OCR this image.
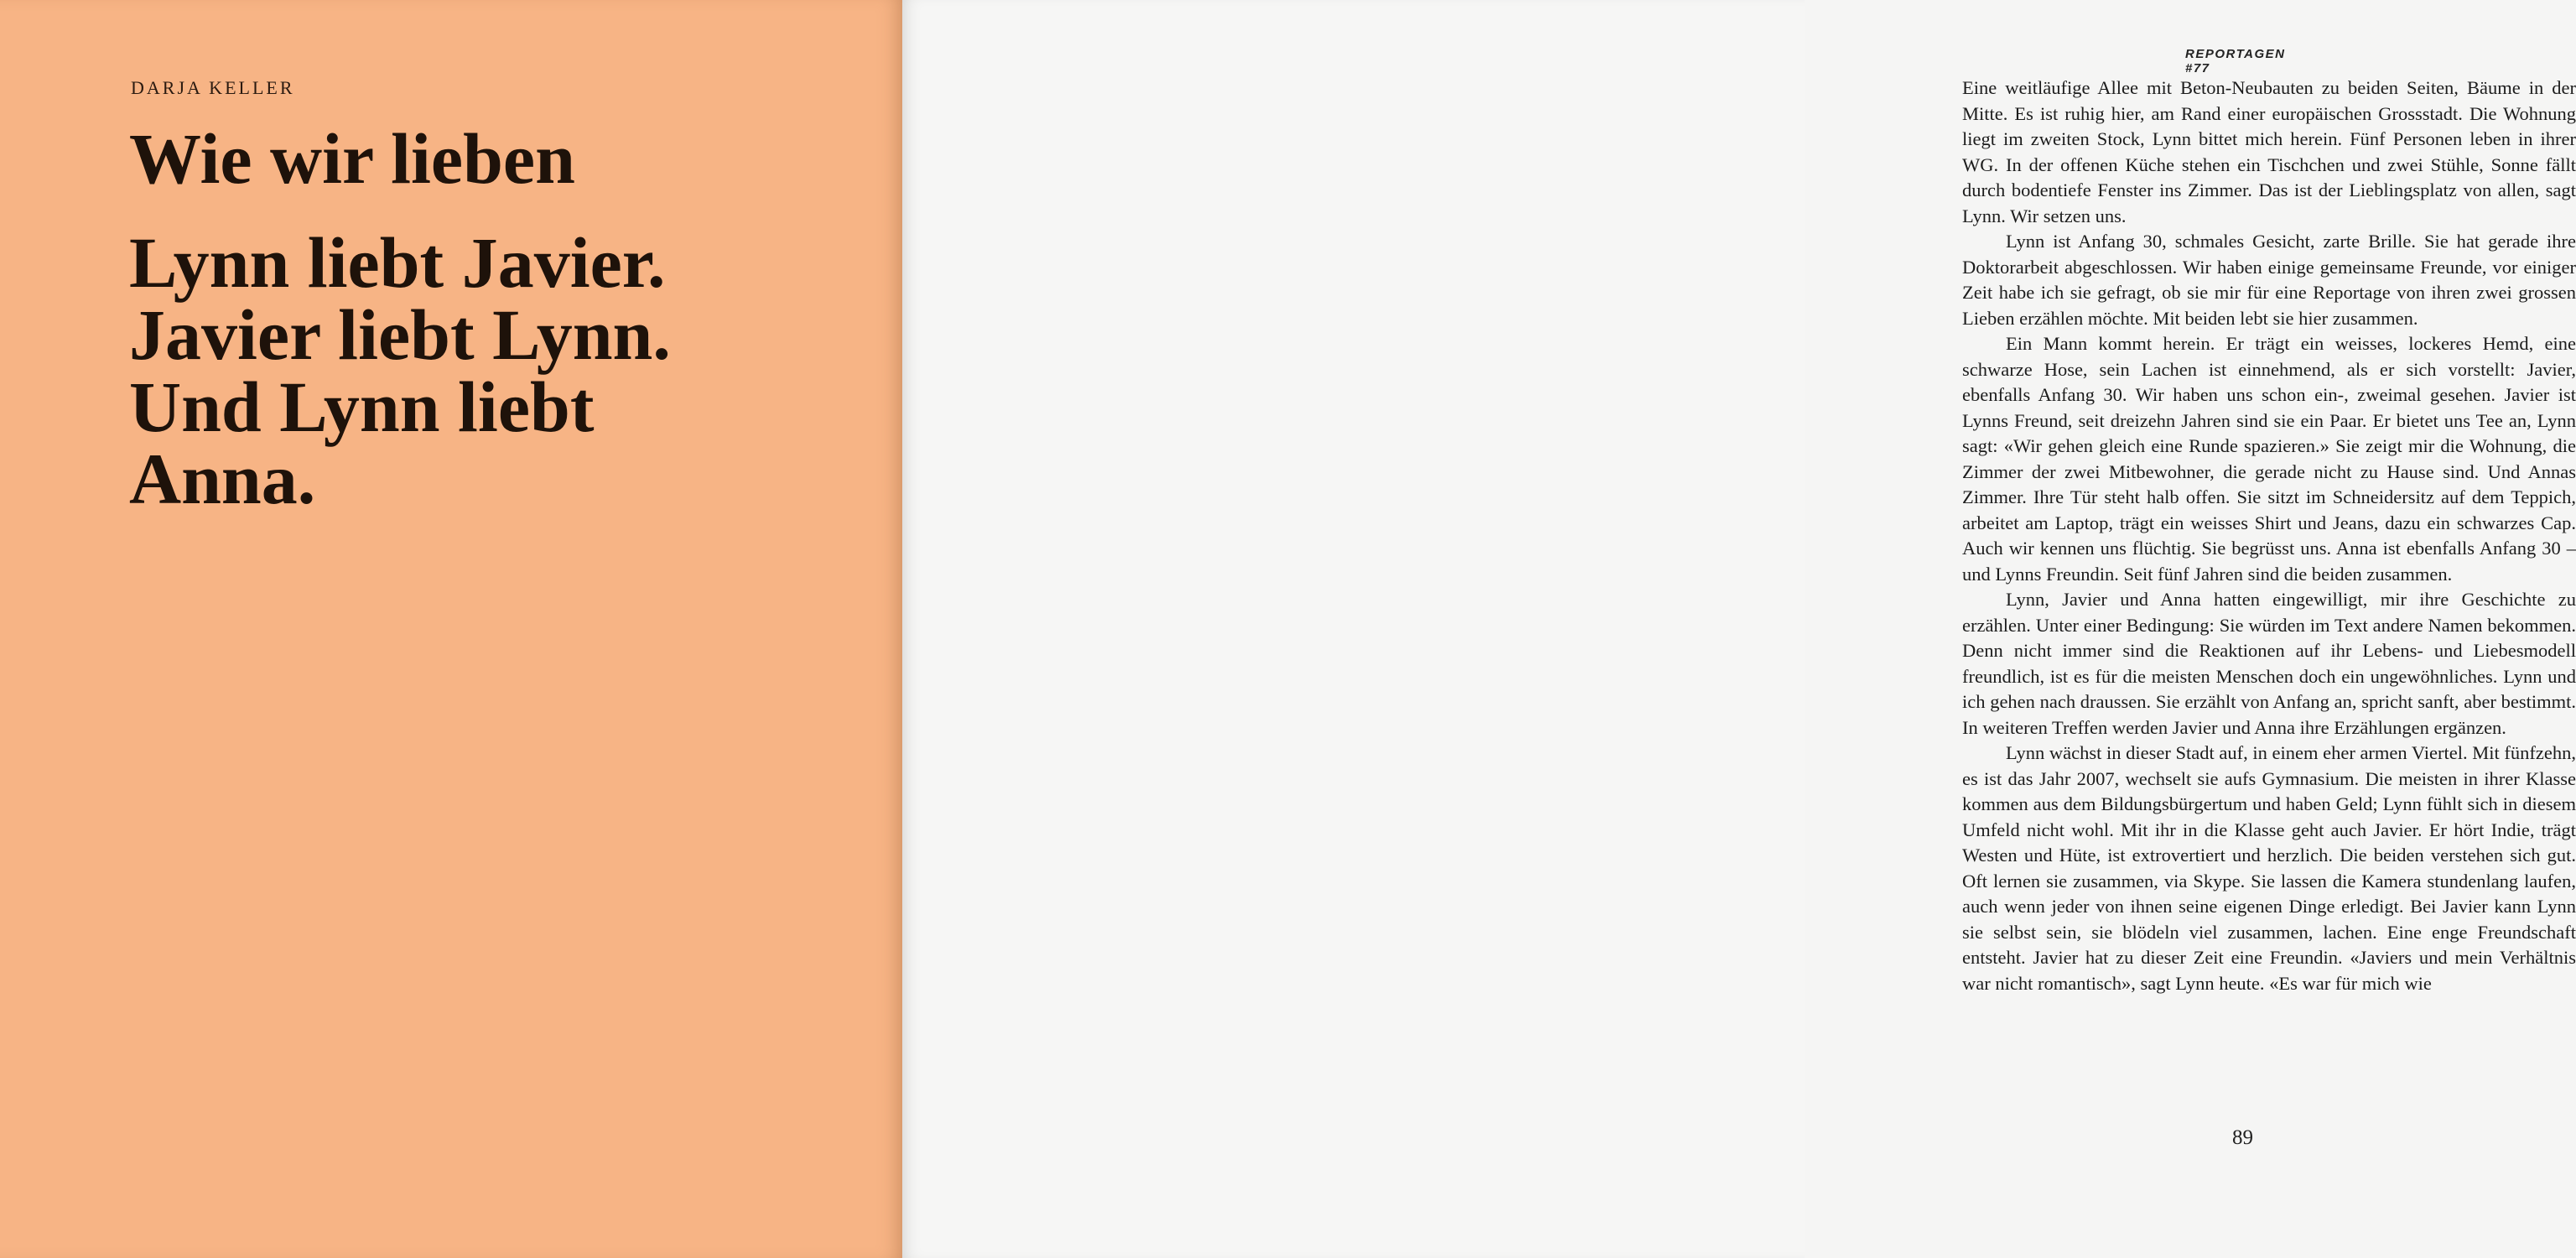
DARJA KELLER
Wie wir lieben
Lynn liebt Javier.
Javier liebt Lynn.
Und Lynn liebt
Anna.
REPORTAGEN #77

Eine weitläufige Allee mit Beton-Neubauten zu beiden Seiten, Bäume in der Mitte. Es ist ruhig hier, am Rand einer europäischen Grossstadt. Die Wohnung liegt im zweiten Stock, Lynn bittet mich herein. Fünf Personen leben in ihrer WG. In der offenen Küche stehen ein Tischchen und zwei Stühle, Sonne fällt durch bodentiefe Fenster ins Zimmer. Das ist der Lieblingsplatz von allen, sagt Lynn. Wir setzen uns.

Lynn ist Anfang 30, schmales Gesicht, zarte Brille. Sie hat gerade ihre Doktorarbeit abgeschlossen. Wir haben einige gemeinsame Freunde, vor einiger Zeit habe ich sie gefragt, ob sie mir für eine Reportage von ihren zwei grossen Lieben erzählen möchte. Mit beiden lebt sie hier zusammen.

Ein Mann kommt herein. Er trägt ein weisses, lockeres Hemd, eine schwarze Hose, sein Lachen ist einnehmend, als er sich vorstellt: Javier, ebenfalls Anfang 30. Wir haben uns schon ein-, zweimal gesehen. Javier ist Lynns Freund, seit dreizehn Jahren sind sie ein Paar. Er bietet uns Tee an, Lynn sagt: «Wir gehen gleich eine Runde spazieren.» Sie zeigt mir die Wohnung, die Zimmer der zwei Mitbewohner, die gerade nicht zu Hause sind. Und Annas Zimmer. Ihre Tür steht halb offen. Sie sitzt im Schneidersitz auf dem Teppich, arbeitet am Laptop, trägt ein weisses Shirt und Jeans, dazu ein schwarzes Cap. Auch wir kennen uns flüchtig. Sie begrüsst uns. Anna ist ebenfalls Anfang 30 – und Lynns Freundin. Seit fünf Jahren sind die beiden zusammen.

Lynn, Javier und Anna hatten eingewilligt, mir ihre Geschichte zu erzählen. Unter einer Bedingung: Sie würden im Text andere Namen bekommen. Denn nicht immer sind die Reaktionen auf ihr Lebens- und Liebesmodell freundlich, ist es für die meisten Menschen doch ein ungewöhnliches. Lynn und ich gehen nach draussen. Sie erzählt von Anfang an, spricht sanft, aber bestimmt. In weiteren Treffen werden Javier und Anna ihre Erzählungen ergänzen.

Lynn wächst in dieser Stadt auf, in einem eher armen Viertel. Mit fünfzehn, es ist das Jahr 2007, wechselt sie aufs Gymnasium. Die meisten in ihrer Klasse kommen aus dem Bildungsbürgertum und haben Geld; Lynn fühlt sich in diesem Umfeld nicht wohl. Mit ihr in die Klasse geht auch Javier. Er hört Indie, trägt Westen und Hüte, ist extrovertiert und herzlich. Die beiden verstehen sich gut. Oft lernen sie zusammen, via Skype. Sie lassen die Kamera stundenlang laufen, auch wenn jeder von ihnen seine eigenen Dinge erledigt. Bei Javier kann Lynn sie selbst sein, sie blödeln viel zusammen, lachen. Eine enge Freundschaft entsteht. Javier hat zu dieser Zeit eine Freundin. «Javiers und mein Verhältnis war nicht romantisch», sagt Lynn heute. «Es war für mich wie

89
